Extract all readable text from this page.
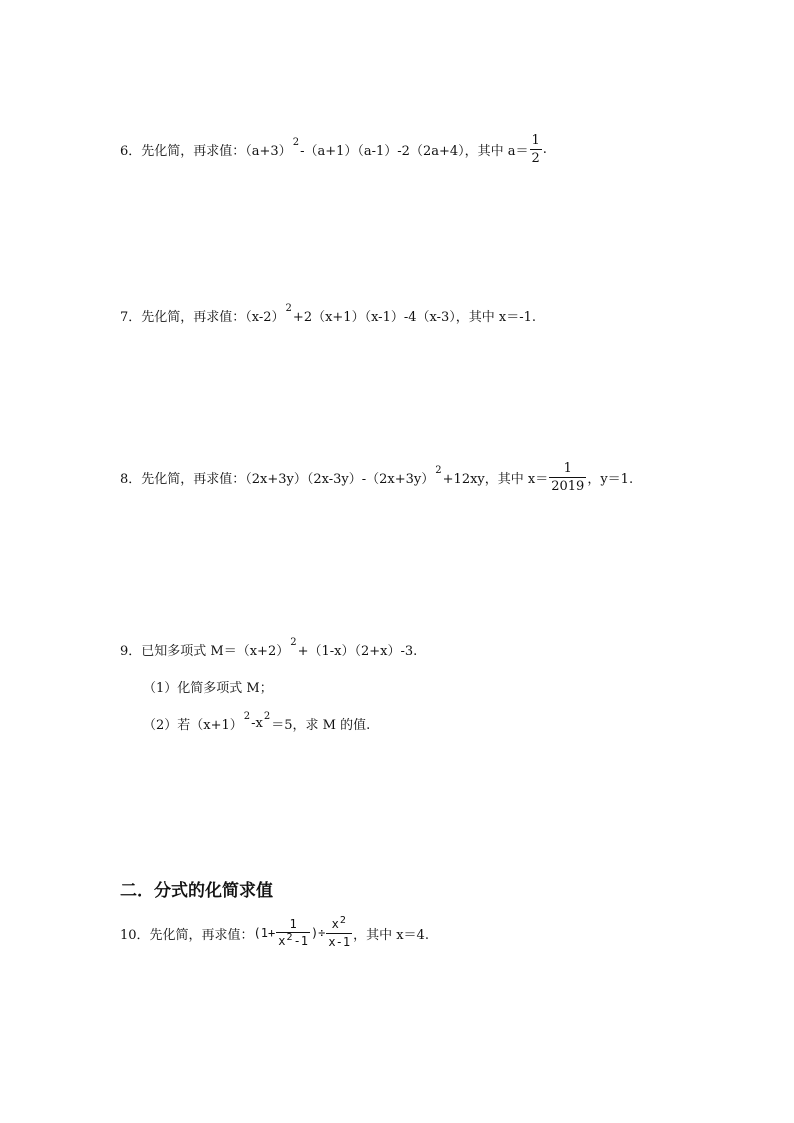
6．先化简，再求值：（a+3）
2
-（a+1）（a-1）-2（2a+4），其中 $a= \frac{1}{2}$ .
7．先化简，再求值：（x-2）
2
+2（x+1）（x-1）-4（x-3），其中 x＝-1.
8．先化简，再求值：（2x+3y）（2x-3y）-（2x+3y）
2
+12xy，其中 $x= \frac{1}{2019}$ ，y＝1.
9．已知多项式 M＝（x+2）
2
+（1-x）（2+x）-3.
（1）化简多项式 M；
（2）若（x+1）
2 -x 2
＝5，求 M 的值.
二．分式的化简求值
10．先化简，再求值： ($1+ \frac{1}{x^2-1}$ )÷ $\frac{x^2}{x-1}$ ，其中 x＝4.
